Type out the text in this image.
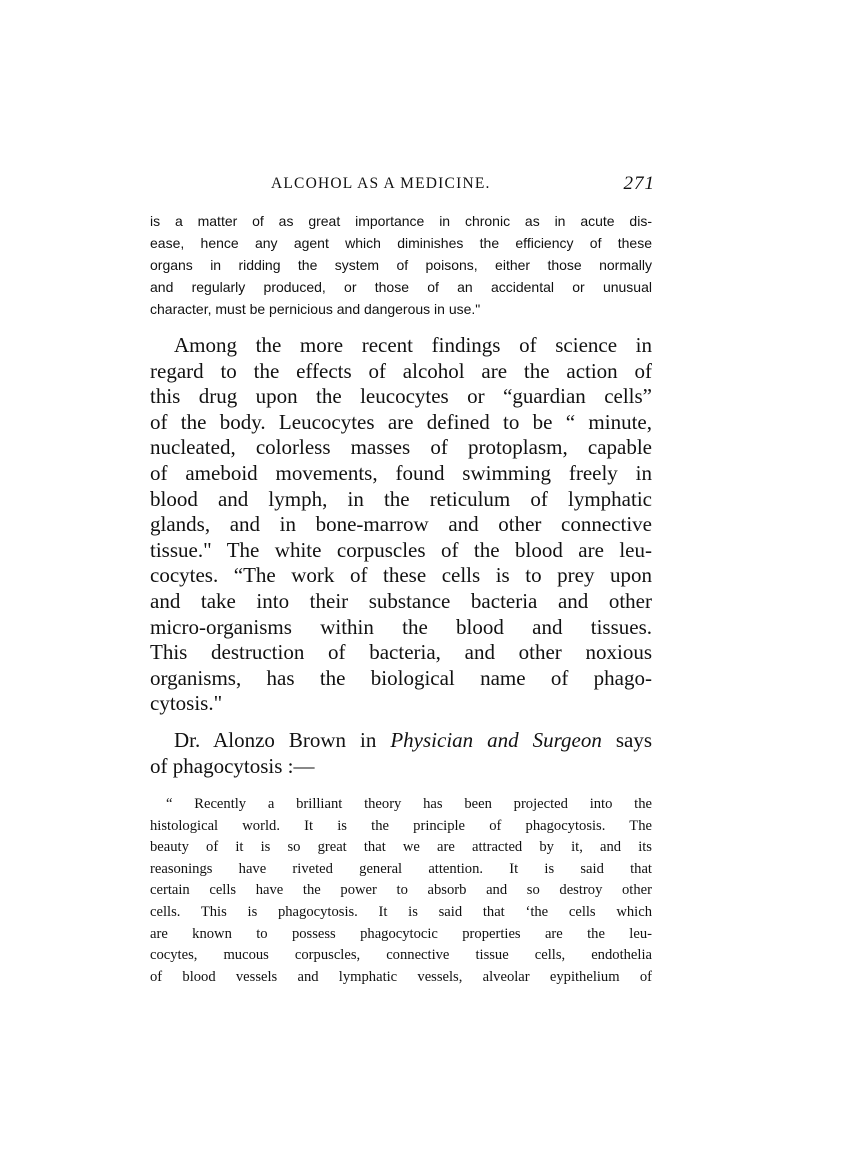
ALCOHOL AS A MEDICINE.	271
is a matter of as great importance in chronic as in acute dis-
ease, hence any agent which diminishes the efficiency of these
organs in ridding the system of poisons, either those normally
and regularly produced, or those of an accidental or unusual
character, must be pernicious and dangerous in use."
Among the more recent findings of science in
regard to the effects of alcohol are the action of
this drug upon the leucocytes or “guardian cells”
of the body. Leucocytes are defined to be “ minute,
nucleated, colorless masses of protoplasm, capable
of ameboid movements, found swimming freely in
blood and lymph, in the reticulum of lymphatic
glands, and in bone-marrow and other connective
tissue." The white corpuscles of the blood are leu-
cocytes. “The work of these cells is to prey upon
and take into their substance bacteria and other
micro-organisms within the blood and tissues.
This destruction of bacteria, and other noxious
organisms, has the biological name of phago-
cytosis."
Dr. Alonzo Brown in Physician and Surgeon says
of phagocytosis :—
“ Recently a brilliant theory has been projected into the
histological world. It is the principle of phagocytosis. The
beauty of it is so great that we are attracted by it, and its
reasonings have riveted general attention. It is said that
certain cells have the power to absorb and so destroy other
cells. This is phagocytosis. It is said that ‘the cells which
are known to possess phagocytocic properties are the leu-
cocytes, mucous corpuscles, connective tissue cells, endothelia
of blood vessels and lymphatic vessels, alveolar eypithelium of
